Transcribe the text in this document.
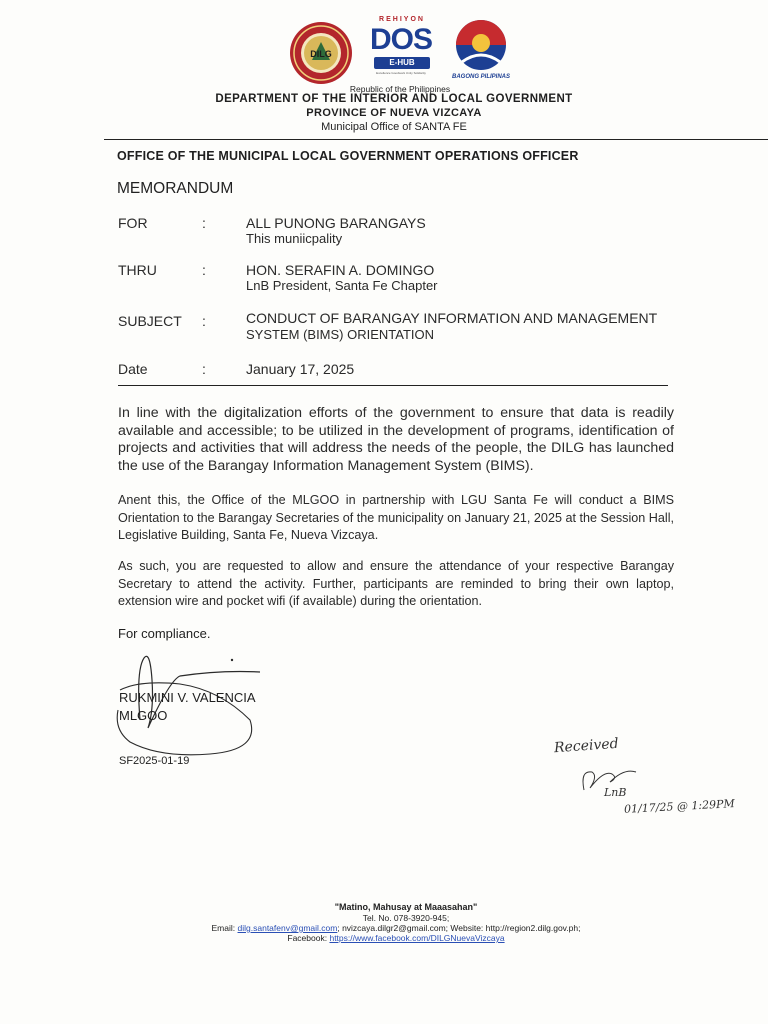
DILG
REHIYON
DOS
E-HUB
Excellence Goodwork Unity Solidarity
BAGONG PILIPINAS
Republic of the Philippines
DEPARTMENT OF THE INTERIOR AND LOCAL GOVERNMENT
PROVINCE OF NUEVA VIZCAYA
Municipal Office of SANTA FE
OFFICE OF THE MUNICIPAL LOCAL GOVERNMENT OPERATIONS OFFICER
MEMORANDUM
FOR	:	ALL PUNONG BARANGAYS
This muniicpality
THRU	:	HON. SERAFIN A. DOMINGO
LnB President, Santa Fe Chapter
SUBJECT	:	CONDUCT OF BARANGAY INFORMATION AND MANAGEMENT
SYSTEM (BIMS) ORIENTATION
Date	:	January 17, 2025
In line with the digitalization efforts of the government to ensure that data is readily available and accessible; to be utilized in the development of programs, identification of projects and activities that will address the needs of the people, the DILG has launched the use of the Barangay Information Management System (BIMS).
Anent this, the Office of the MLGOO in partnership with LGU Santa Fe will conduct a BIMS Orientation to the Barangay Secretaries of the municipality on January 21, 2025 at the Session Hall, Legislative Building, Santa Fe, Nueva Vizcaya.
As such, you are requested to allow and ensure the attendance of your respective Barangay Secretary to attend the activity. Further, participants are reminded to bring their own laptop, extension wire and pocket wifi (if available) during the orientation.
For compliance.
RUKMINI V. VALENCIA
MLGOO
SF2025-01-19
Received
LnB
01/17/25 @ 1:29PM
"Matino, Mahusay at Maaasahan"
Tel. No. 078-3920-945;
Email: dilg.santafenv@gmail.com; nvizcaya.dilgr2@gmail.com; Website: http://region2.dilg.gov.ph;
Facebook: https://www.facebook.com/DILGNuevaVizcaya
